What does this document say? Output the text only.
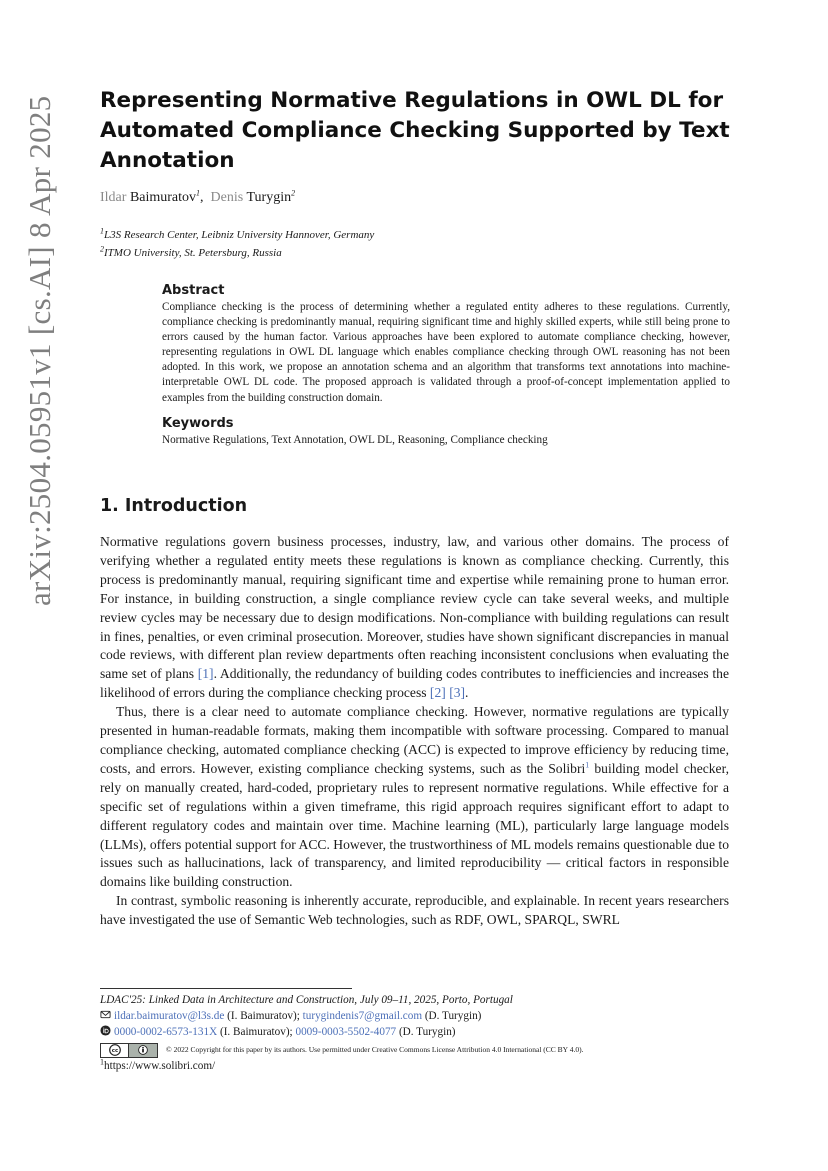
arXiv:2504.05951v1 [cs.AI] 8 Apr 2025 Representing Normative Regulations in OWL DL for Automated Compliance Checking Supported by Text Annotation
Ildar Baimuratov$^1$,  Denis Turygin$^2$
$^1$L3S Research Center, Leibniz University Hannover, Germany
$^2$ITMO University, St. Petersburg, Russia
Abstract

Compliance checking is the process of determining whether a regulated entity adheres to these regulations. Currently, compliance checking is predominantly manual, requiring significant time and highly skilled experts, while still being prone to errors caused by the human factor. Various approaches have been explored to automate compliance checking, however, representing regulations in OWL DL language which enables compliance checking through OWL reasoning has not been adopted. In this work, we propose an annotation schema and an algorithm that transforms text annotations into machine-interpretable OWL DL code. The proposed approach is validated through a proof-of-concept implementation applied to examples from the building construction domain.

Keywords

Normative Regulations, Text Annotation, OWL DL, Reasoning, Compliance checking

1. Introduction

Normative regulations govern business processes, industry, law, and various other domains. The process of verifying whether a regulated entity meets these regulations is known as compliance checking. Currently, this process is predominantly manual, requiring significant time and expertise while remaining prone to human error. For instance, in building construction, a single compliance review cycle can take several weeks, and multiple review cycles may be necessary due to design modifications. Non-compliance with building regulations can result in fines, penalties, or even criminal prosecution. Moreover, studies have shown significant discrepancies in manual code reviews, with different plan review departments often reaching inconsistent conclusions when evaluating the same set of plans [1]. Additionally, the redundancy of building codes contributes to inefficiencies and increases the likelihood of errors during the compliance checking process [2] [3].

Thus, there is a clear need to automate compliance checking. However, normative regulations are typically presented in human-readable formats, making them incompatible with software processing. Compared to manual compliance checking, automated compliance checking (ACC) is expected to improve efficiency by reducing time, costs, and errors. However, existing compliance checking systems, such as the Solibri$^1$ building model checker, rely on manually created, hard-coded, proprietary rules to represent normative regulations. While effective for a specific set of regulations within a given timeframe, this rigid approach requires significant effort to adapt to different regulatory codes and maintain over time. Machine learning (ML), particularly large language models (LLMs), offers potential support for ACC. However, the trustworthiness of ML models remains questionable due to issues such as hallucinations, lack of transparency, and limited reproducibility — critical factors in responsible domains like building construction.

In contrast, symbolic reasoning is inherently accurate, reproducible, and explainable. In recent years researchers have investigated the use of Semantic Web technologies, such as RDF, OWL, SPARQL, SWRL

LDAC'25: Linked Data in Architecture and Construction, July 09–11, 2025, Porto, Portugal
ildar.baimuratov@l3s.de (I. Baimuratov); turygindenis7@gmail.com (D. Turygin)
0000-0002-6573-131X (I. Baimuratov); 0009-0003-5502-4077 (D. Turygin)
cc	© 2022 Copyright for this paper by its authors. Use permitted under Creative Commons License Attribution 4.0 International (CC BY 4.0).
$^1$https://www.solibri.com/
